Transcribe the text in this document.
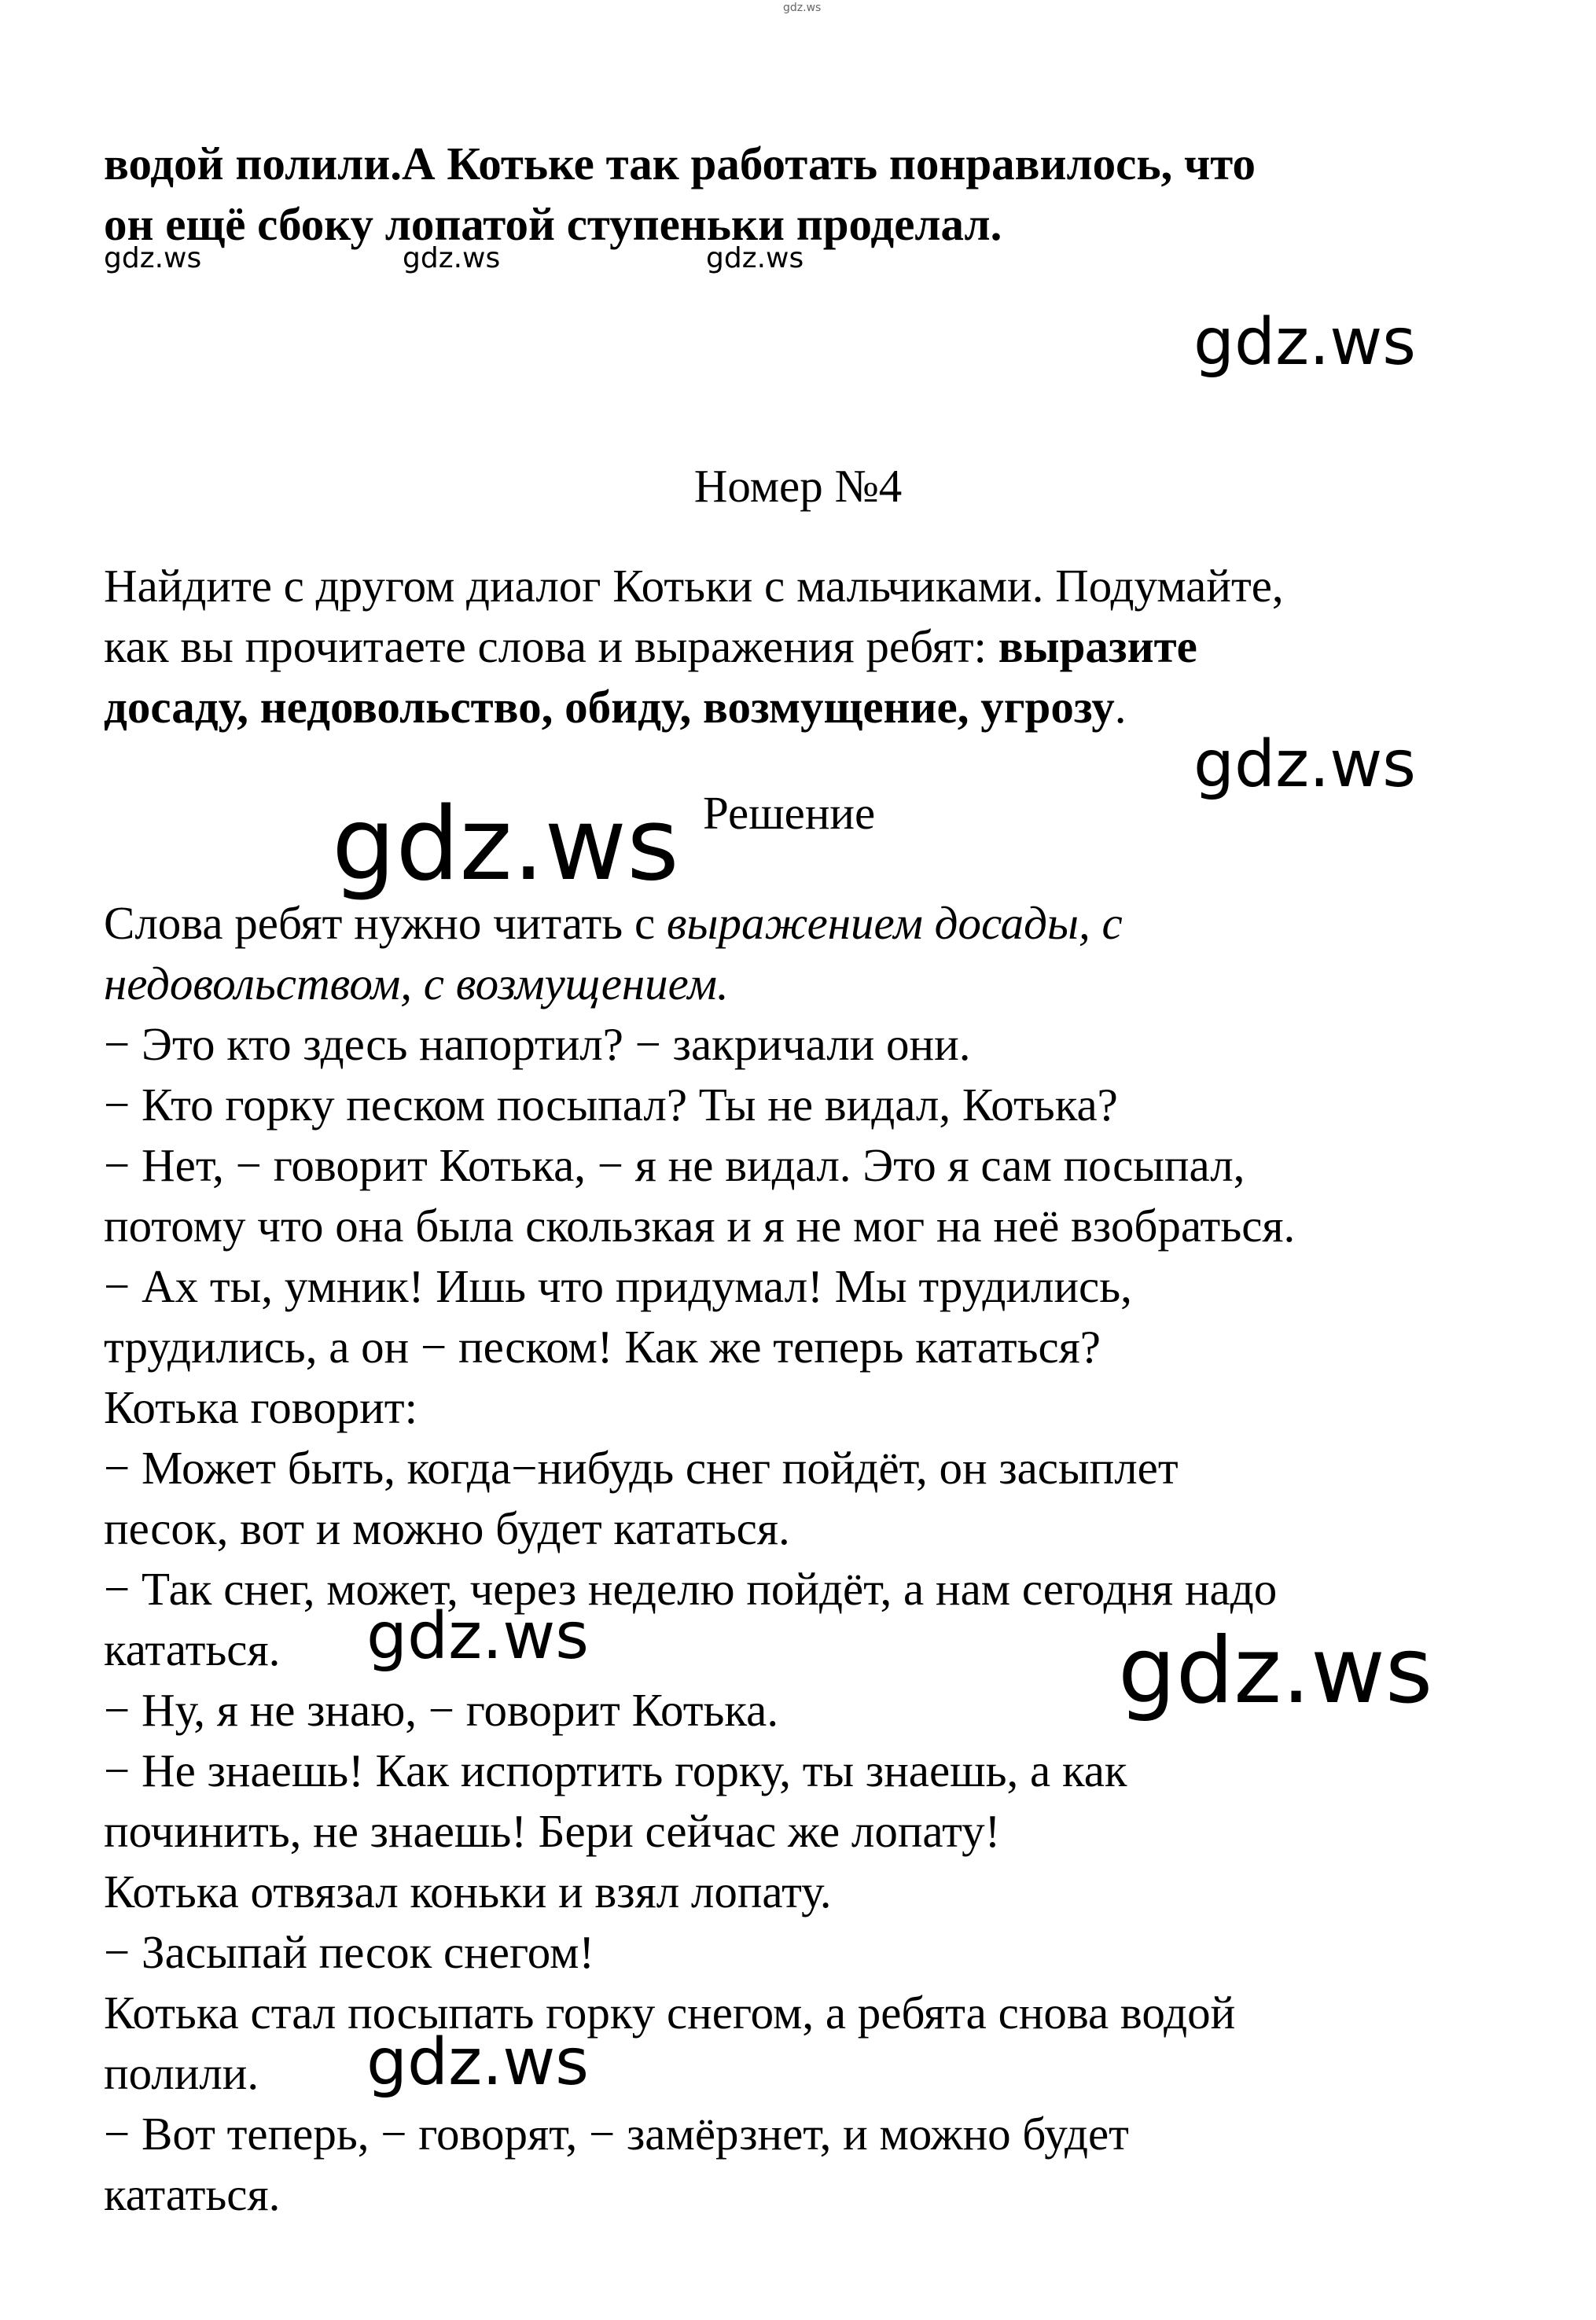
gdz.ws
водой полили.А Котьке так работать понравилось, что
он ещё сбоку лопатой ступеньки проделал.
gdz.ws	gdz.ws	gdz.ws
gdz.ws
Номер №4
Найдите с другом диалог Котьки с мальчиками. Подумайте,
как вы прочитаете слова и выражения ребят: выразите
досаду, недовольство, обиду, возмущение, угрозу.
gdz.ws
gdz.ws Решение
Слова ребят нужно читать с выражением досады, с
недовольством, с возмущением.
− Это кто здесь напортил? − закричали они.
− Кто горку песком посыпал? Ты не видал, Котька?
− Нет, − говорит Котька, − я не видал. Это я сам посыпал,
потому что она была скользкая и я не мог на неё взобраться.
− Ах ты, умник! Ишь что придумал! Мы трудились,
трудились, а он − песком! Как же теперь кататься?
Котька говорит:
− Может быть, когда−нибудь снег пойдёт, он засыплет
песок, вот и можно будет кататься.
− Так снег, может, через неделю пойдёт, а нам сегодня надо
кататься.
− Ну, я не знаю, − говорит Котька.
− Не знаешь! Как испортить горку, ты знаешь, а как
починить, не знаешь! Бери сейчас же лопату!
Котька отвязал коньки и взял лопату.
− Засыпай песок снегом!
Котька стал посыпать горку снегом, а ребята снова водой
полили.
− Вот теперь, − говорят, − замёрзнет, и можно будет
кататься.
gdz.ws	gdz.ws
gdz.ws
